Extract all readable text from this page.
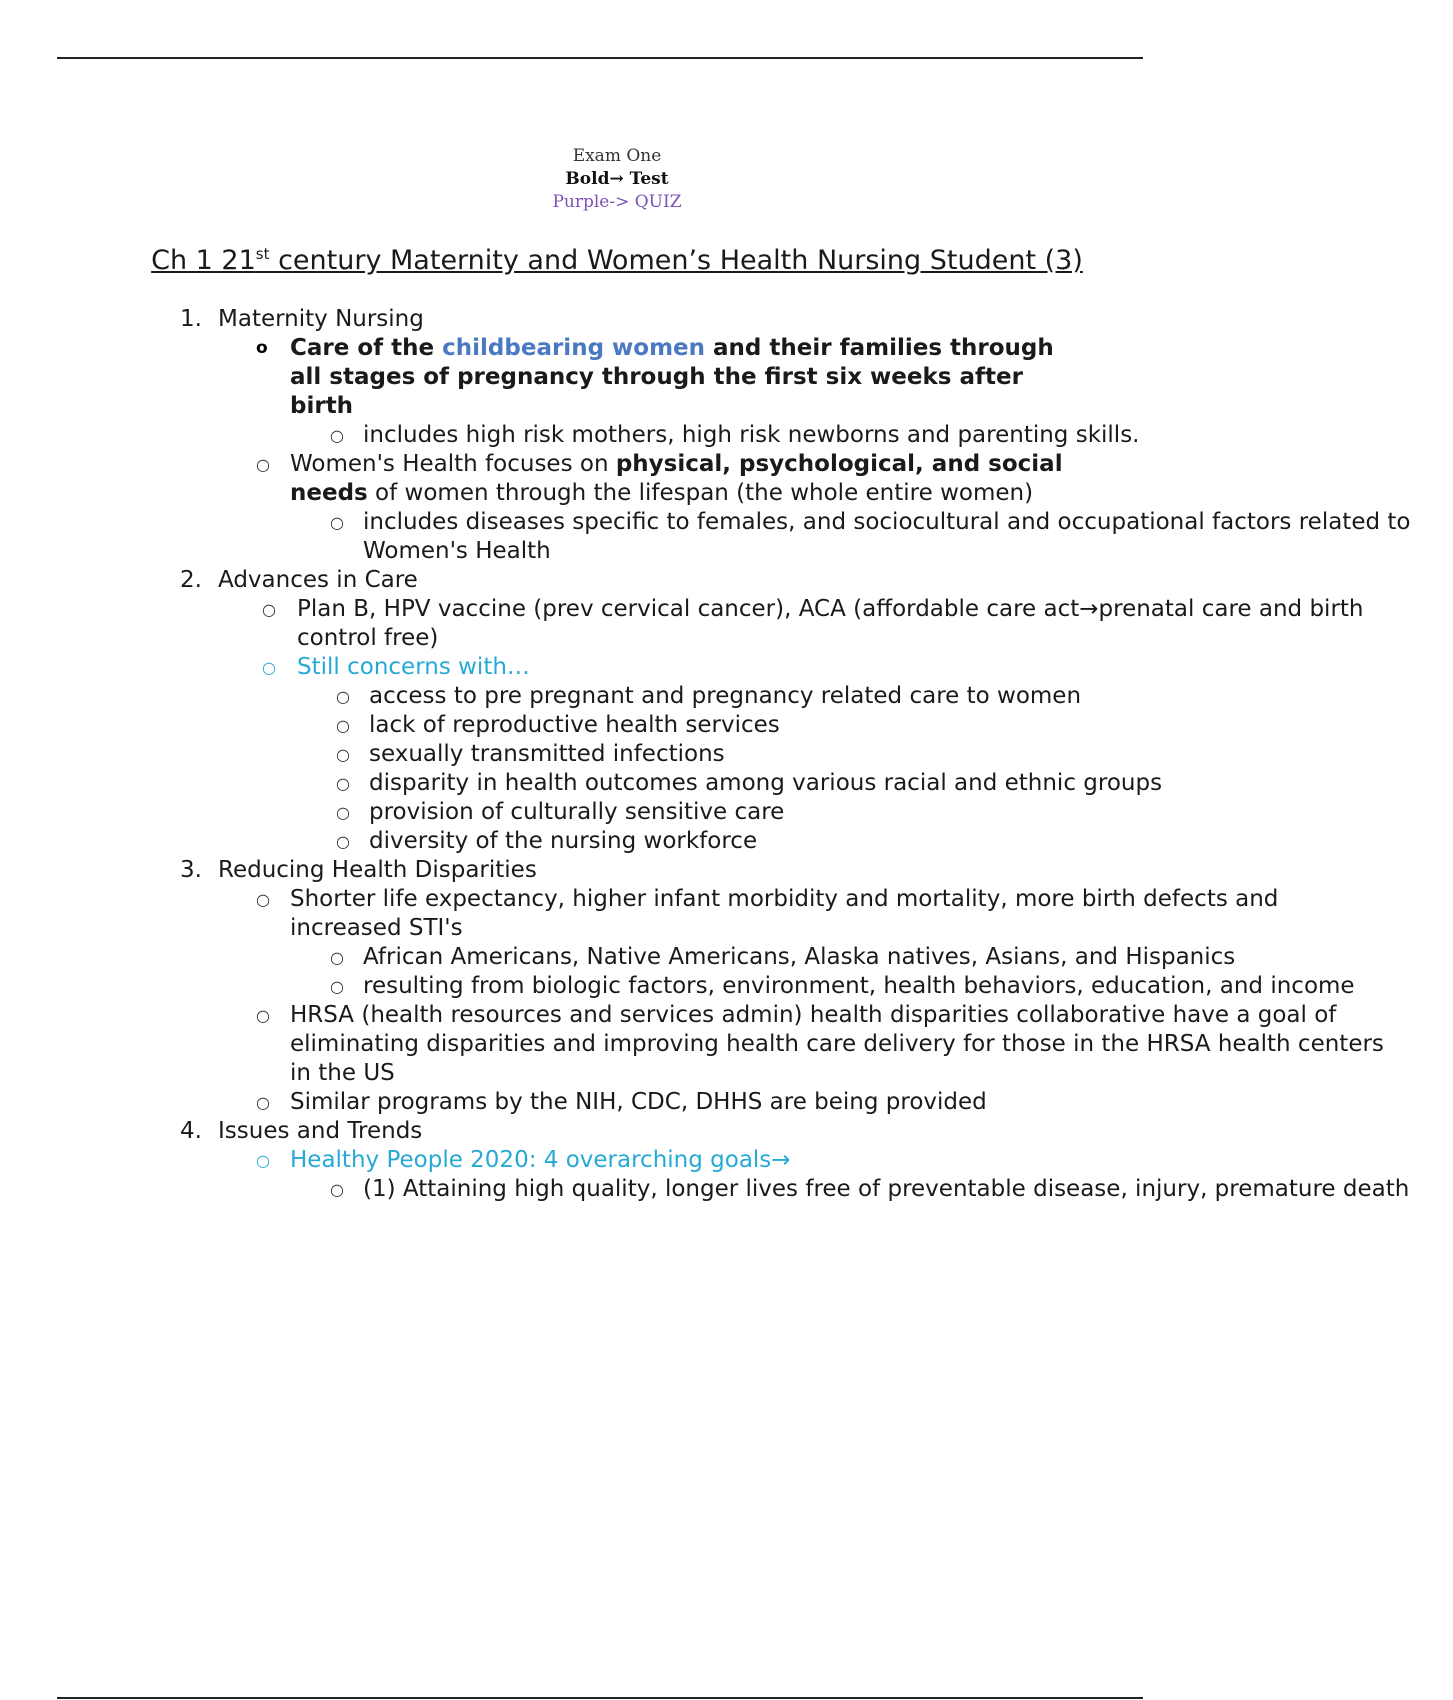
Exam One
Bold→ Test
Purple-> QUIZ
Ch 1 21st century Maternity and Women’s Health Nursing Student (3)
1. Maternity Nursing
o Care of the childbearing women and their families through all stages of pregnancy through the first six weeks after birth
○ includes high risk mothers, high risk newborns and parenting skills.
○ Women's Health focuses on physical, psychological, and social needs of women through the lifespan (the whole entire women)
○ includes diseases specific to females, and sociocultural and occupational factors related to Women's Health
2. Advances in Care
○ Plan B, HPV vaccine (prev cervical cancer), ACA (affordable care act→prenatal care and birth control free)
○ Still concerns with…
○ access to pre pregnant and pregnancy related care to women
○ lack of reproductive health services
○ sexually transmitted infections
○ disparity in health outcomes among various racial and ethnic groups
○ provision of culturally sensitive care
○ diversity of the nursing workforce
3. Reducing Health Disparities
○ Shorter life expectancy, higher infant morbidity and mortality, more birth defects and increased STI's
○ African Americans, Native Americans, Alaska natives, Asians, and Hispanics
○ resulting from biologic factors, environment, health behaviors, education, and income
○ HRSA (health resources and services admin) health disparities collaborative have a goal of eliminating disparities and improving health care delivery for those in the HRSA health centers in the US
○ Similar programs by the NIH, CDC, DHHS are being provided
4. Issues and Trends
○ Healthy People 2020: 4 overarching goals→
○ (1) Attaining high quality, longer lives free of preventable disease, injury, premature death
